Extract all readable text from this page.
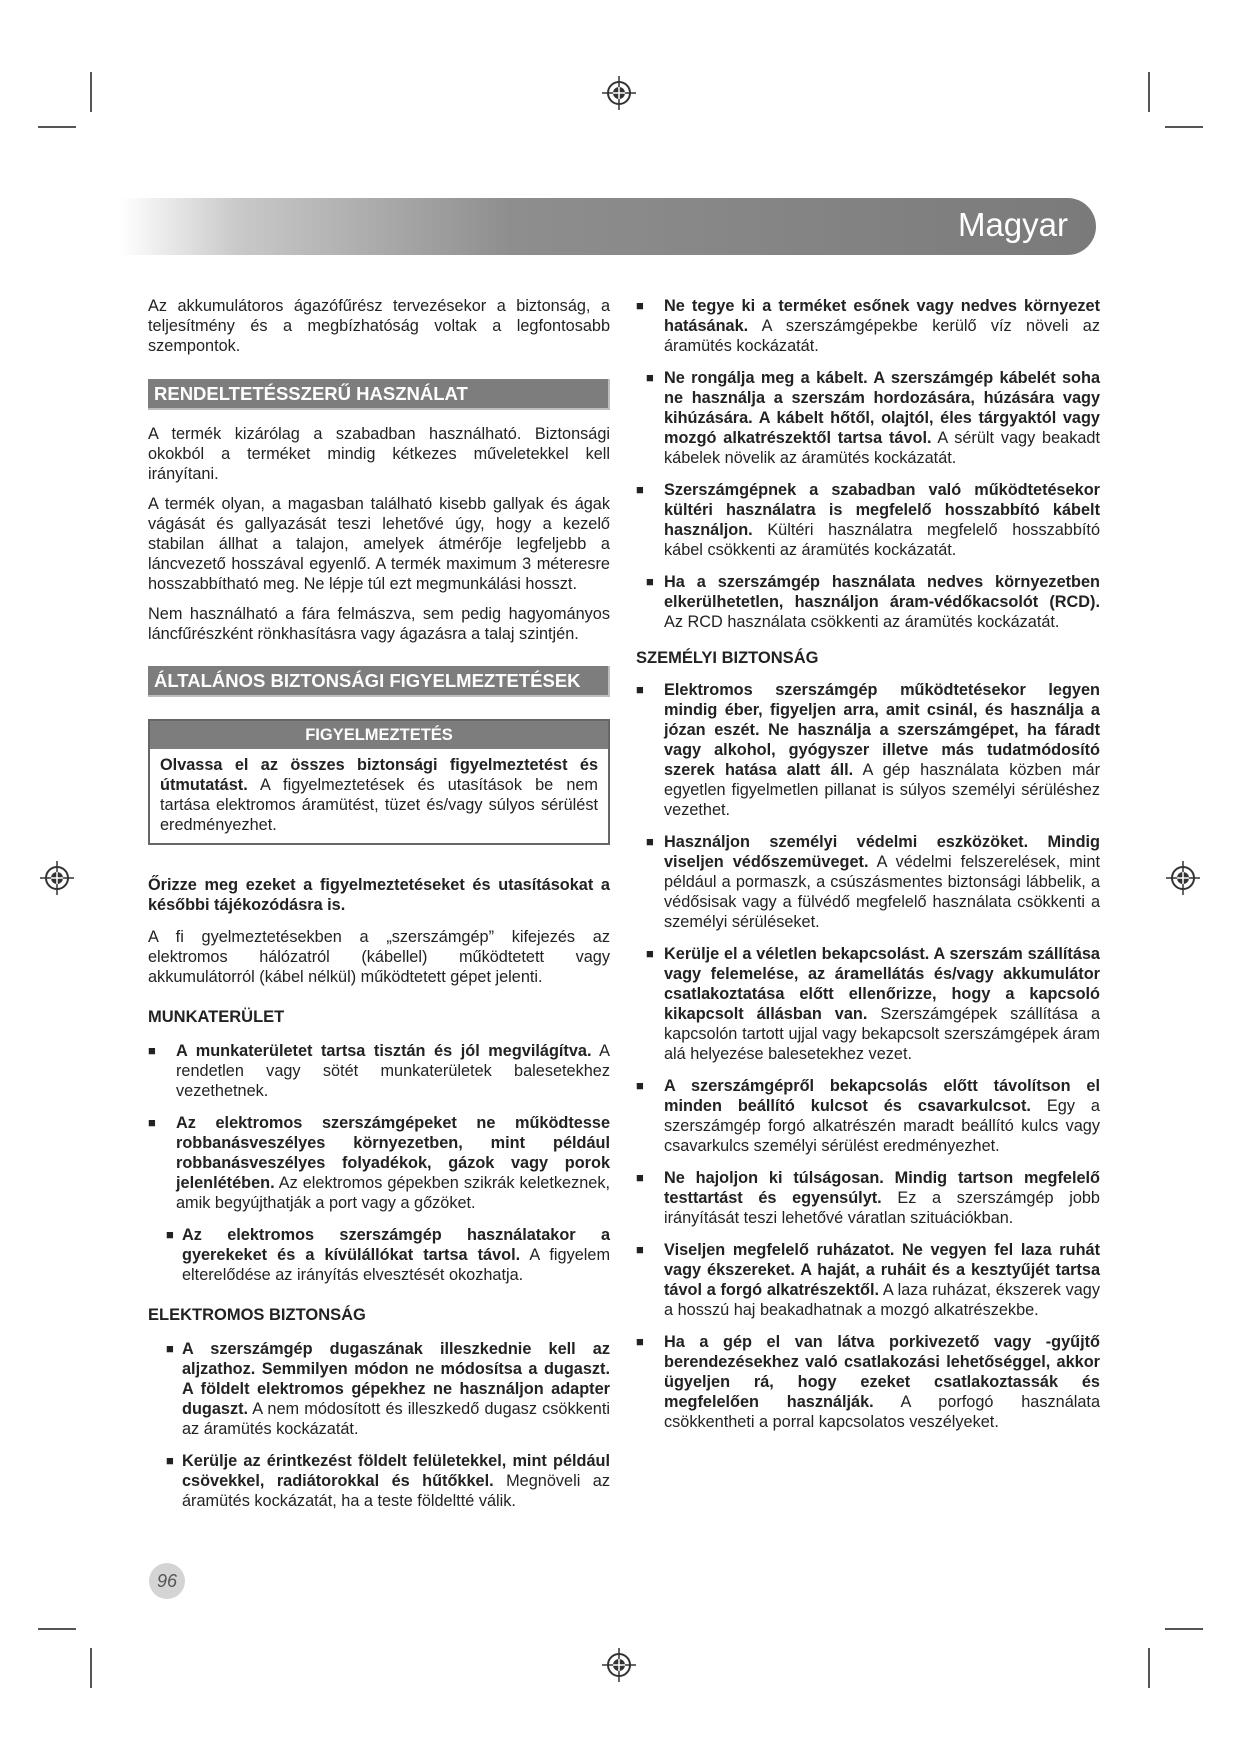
Magyar

Az akkumulátoros ágazófűrész tervezésekor a biztonság, a teljesítmény és a megbízhatóság voltak a legfontosabb szempontok.

RENDELTETÉSSZERŰ HASZNÁLAT

A termék kizárólag a szabadban használható. Biztonsági okokból a terméket mindig kétkezes műveletekkel kell irányítani.

A termék olyan, a magasban található kisebb gallyak és ágak vágását és gallyazását teszi lehetővé úgy, hogy a kezelő stabilan állhat a talajon, amelyek átmérője legfeljebb a láncvezető hosszával egyenlő. A termék maximum 3 méteresre hosszabbítható meg. Ne lépje túl ezt megmunkálási hosszt.

Nem használható a fára felmászva, sem pedig hagyományos láncfűrészként rönkhasításra vagy ágazásra a talaj szintjén.

ÁLTALÁNOS BIZTONSÁGI FIGYELMEZTETÉSEK
FIGYELMEZTETÉS

Olvassa el az összes biztonsági figyelmeztetést és útmutatást. A figyelmeztetések és utasítások be nem tartása elektromos áramütést, tüzet és/vagy súlyos sérülést eredményezhet.

Őrizze meg ezeket a figyelmeztetéseket és utasításokat a későbbi tájékozódásra is.

A fi gyelmeztetésekben a „szerszámgép” kifejezés az elektromos hálózatról (kábellel) működtetett vagy akkumulátorról (kábel nélkül) működtetett gépet jelenti.

MUNKATERÜLET

■ A munkaterületet tartsa tisztán és jól megvilágítva. A rendetlen vagy sötét munkaterületek balesetekhez vezethetnek.

■ Az elektromos szerszámgépeket ne működtesse robbanásveszélyes környezetben, mint például robbanásveszélyes folyadékok, gázok vagy porok jelenlétében. Az elektromos gépekben szikrák keletkeznek, amik begyújthatják a port vagy a gőzöket.

■ Az elektromos szerszámgép használatakor a gyerekeket és a kívülállókat tartsa távol. A figyelem elterelődése az irányítás elvesztését okozhatja.

ELEKTROMOS BIZTONSÁG

■ A szerszámgép dugaszának illeszkednie kell az aljzathoz. Semmilyen módon ne módosítsa a dugaszt. A földelt elektromos gépekhez ne használjon adapter dugaszt. A nem módosított és illeszkedő dugasz csökkenti az áramütés kockázatát.

■ Kerülje az érintkezést földelt felületekkel, mint például csövekkel, radiátorokkal és hűtőkkel. Megnöveli az áramütés kockázatát, ha a teste földeltté válik.

■ Ne tegye ki a terméket esőnek vagy nedves környezet hatásának. A szerszámgépekbe kerülő víz növeli az áramütés kockázatát.

■ Ne rongálja meg a kábelt. A szerszámgép kábelét soha ne használja a szerszám hordozására, húzására vagy kihúzására. A kábelt hőtől, olajtól, éles tárgyaktól vagy mozgó alkatrészektől tartsa távol. A sérült vagy beakadt kábelek növelik az áramütés kockázatát.

■ Szerszámgépnek a szabadban való működtetésekor kültéri használatra is megfelelő hosszabbító kábelt használjon. Kültéri használatra megfelelő hosszabbító kábel csökkenti az áramütés kockázatát.

■ Ha a szerszámgép használata nedves környezetben elkerülhetetlen, használjon áram-védőkacsolót (RCD). Az RCD használata csökkenti az áramütés kockázatát.

SZEMÉLYI BIZTONSÁG

■ Elektromos szerszámgép működtetésekor legyen mindig éber, figyeljen arra, amit csinál, és használja a józan eszét. Ne használja a szerszámgépet, ha fáradt vagy alkohol, gyógyszer illetve más tudatmódosító szerek hatása alatt áll. A gép használata közben már egyetlen figyelmetlen pillanat is súlyos személyi sérüléshez vezethet.

■ Használjon személyi védelmi eszközöket. Mindig viseljen védőszemüveget. A védelmi felszerelések, mint például a pormaszk, a csúszásmentes biztonsági lábbelik, a védősisak vagy a fülvédő megfelelő használata csökkenti a személyi sérüléseket.

■ Kerülje el a véletlen bekapcsolást. A szerszám szállítása vagy felemelése, az áramellátás és/vagy akkumulátor csatlakoztatása előtt ellenőrizze, hogy a kapcsoló kikapcsolt állásban van. Szerszámgépek szállítása a kapcsolón tartott ujjal vagy bekapcsolt szerszámgépek áram alá helyezése balesetekhez vezet.

■ A szerszámgépről bekapcsolás előtt távolítson el minden beállító kulcsot és csavarkulcsot. Egy a szerszámgép forgó alkatrészén maradt beállító kulcs vagy csavarkulcs személyi sérülést eredményezhet.

■ Ne hajoljon ki túlságosan. Mindig tartson megfelelő testtartást és egyensúlyt. Ez a szerszámgép jobb irányítását teszi lehetővé váratlan szituációkban.

■ Viseljen megfelelő ruházatot. Ne vegyen fel laza ruhát vagy ékszereket. A haját, a ruháit és a kesztyűjét tartsa távol a forgó alkatrészektől. A laza ruházat, ékszerek vagy a hosszú haj beakadhatnak a mozgó alkatrészekbe.

■ Ha a gép el van látva porkivezető vagy -gyűjtő berendezésekhez való csatlakozási lehetőséggel, akkor ügyeljen rá, hogy ezeket csatlakoztassák és megfelelően használják. A porfogó használata csökkentheti a porral kapcsolatos veszélyeket.

96
